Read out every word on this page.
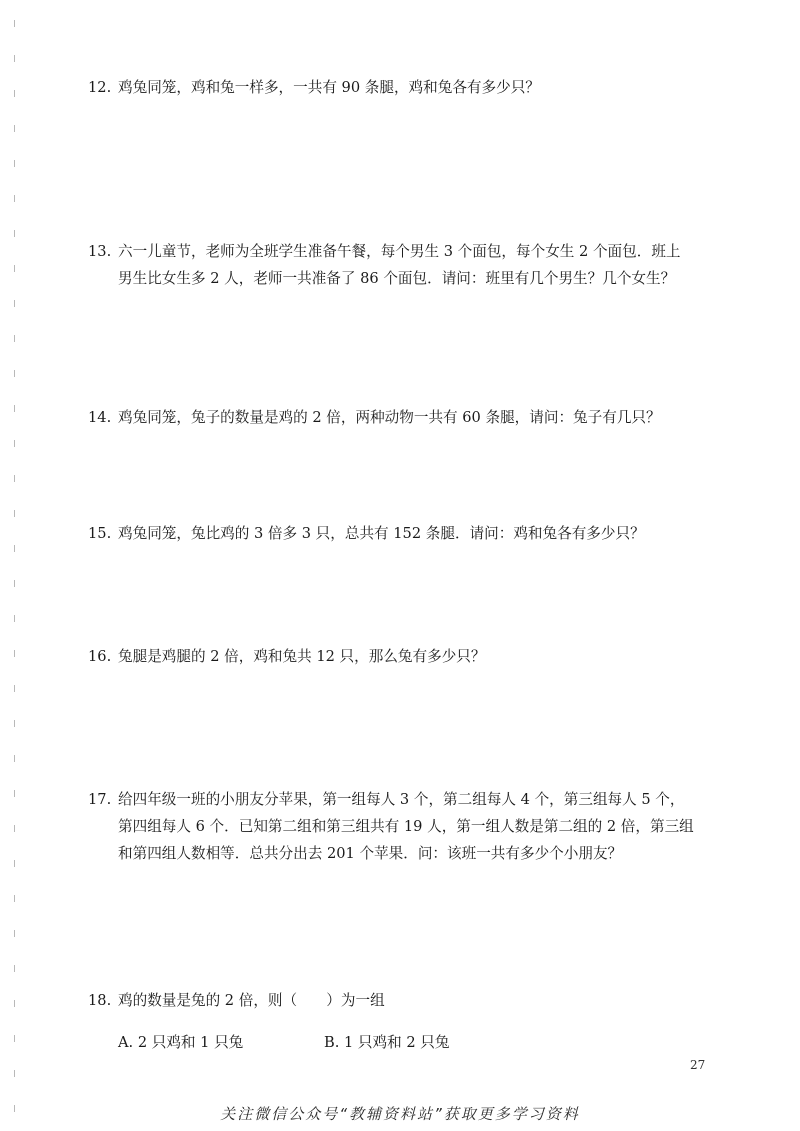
12. 鸡兔同笼，鸡和兔一样多，一共有 90 条腿，鸡和兔各有多少只？
13. 六一儿童节，老师为全班学生准备午餐，每个男生 3 个面包，每个女生 2 个面包．班上
男生比女生多 2 人，老师一共准备了 86 个面包．请问：班里有几个男生？几个女生？
14. 鸡兔同笼，兔子的数量是鸡的 2 倍，两种动物一共有 60 条腿，请问：兔子有几只？
15. 鸡兔同笼，兔比鸡的 3 倍多 3 只，总共有 152 条腿．请问：鸡和兔各有多少只？
16. 兔腿是鸡腿的 2 倍，鸡和兔共 12 只，那么兔有多少只？
17. 给四年级一班的小朋友分苹果，第一组每人 3 个，第二组每人 4 个，第三组每人 5 个，
第四组每人 6 个．已知第二组和第三组共有 19 人，第一组人数是第二组的 2 倍，第三组
和第四组人数相等．总共分出去 201 个苹果．问：该班一共有多少个小朋友？
18. 鸡的数量是兔的 2 倍，则（　　）为一组
A. 2 只鸡和 1 只兔	B. 1 只鸡和 2 只兔
27
关注微信公众号“教辅资料站”获取更多学习资料
